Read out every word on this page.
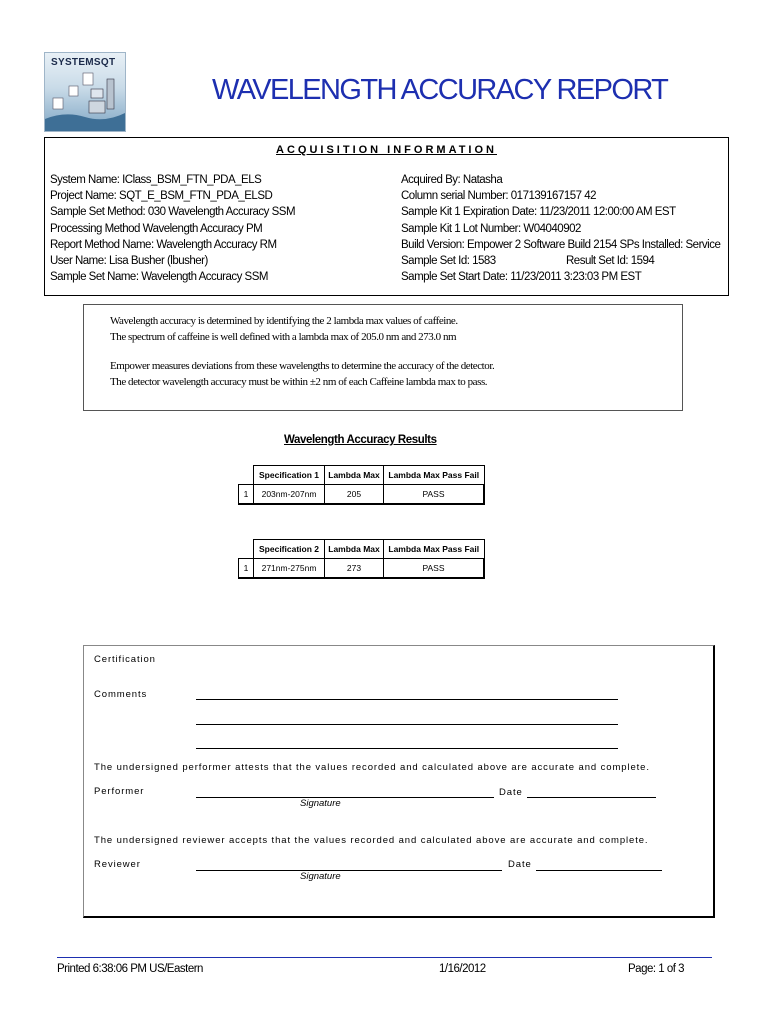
SYSTEMSQT
WAVELENGTH ACCURACY REPORT
ACQUISITION INFORMATION
System Name: IClass_BSM_FTN_PDA_ELS
Project Name: SQT_E_BSM_FTN_PDA_ELSD
Sample Set Method: 030 Wavelength Accuracy SSM
Processing Method Wavelength Accuracy PM
Report Method Name: Wavelength Accuracy RM
User Name: Lisa Busher (lbusher)
Sample Set Name: Wavelength Accuracy SSM
Acquired By: Natasha
Column serial Number: 017139167157 42
Sample Kit 1 Expiration Date: 11/23/2011 12:00:00 AM EST
Sample Kit 1 Lot Number: W04040902
Build Version: Empower 2 Software Build 2154 SPs Installed: Service
Sample Set Id: 1583	Result Set Id: 1594
Sample Set Start Date: 11/23/2011 3:23:03 PM EST
Wavelength accuracy is determined by identifying the 2 lambda max values of caffeine.
The spectrum of caffeine is well defined with a lambda max of 205.0 nm and 273.0 nm
Empower measures deviations from these wavelengths to determine the accuracy of the detector.
The detector wavelength accuracy must be within ±2 nm of each Caffeine lambda max to pass.
Wavelength Accuracy Results
	Specification 1	Lambda Max	Lambda Max Pass Fail
1	203nm-207nm	205	PASS
	Specification 2	Lambda Max	Lambda Max Pass Fail
1	271nm-275nm	273	PASS
Certification
Comments
The undersigned performer attests that the values recorded and calculated above are accurate and complete.
Performer	Date
Signature
The undersigned reviewer accepts that the values recorded and calculated above are accurate and complete.
Reviewer	Date
Signature
Printed 6:38:06 PM US/Eastern	1/16/2012	Page: 1 of 3
